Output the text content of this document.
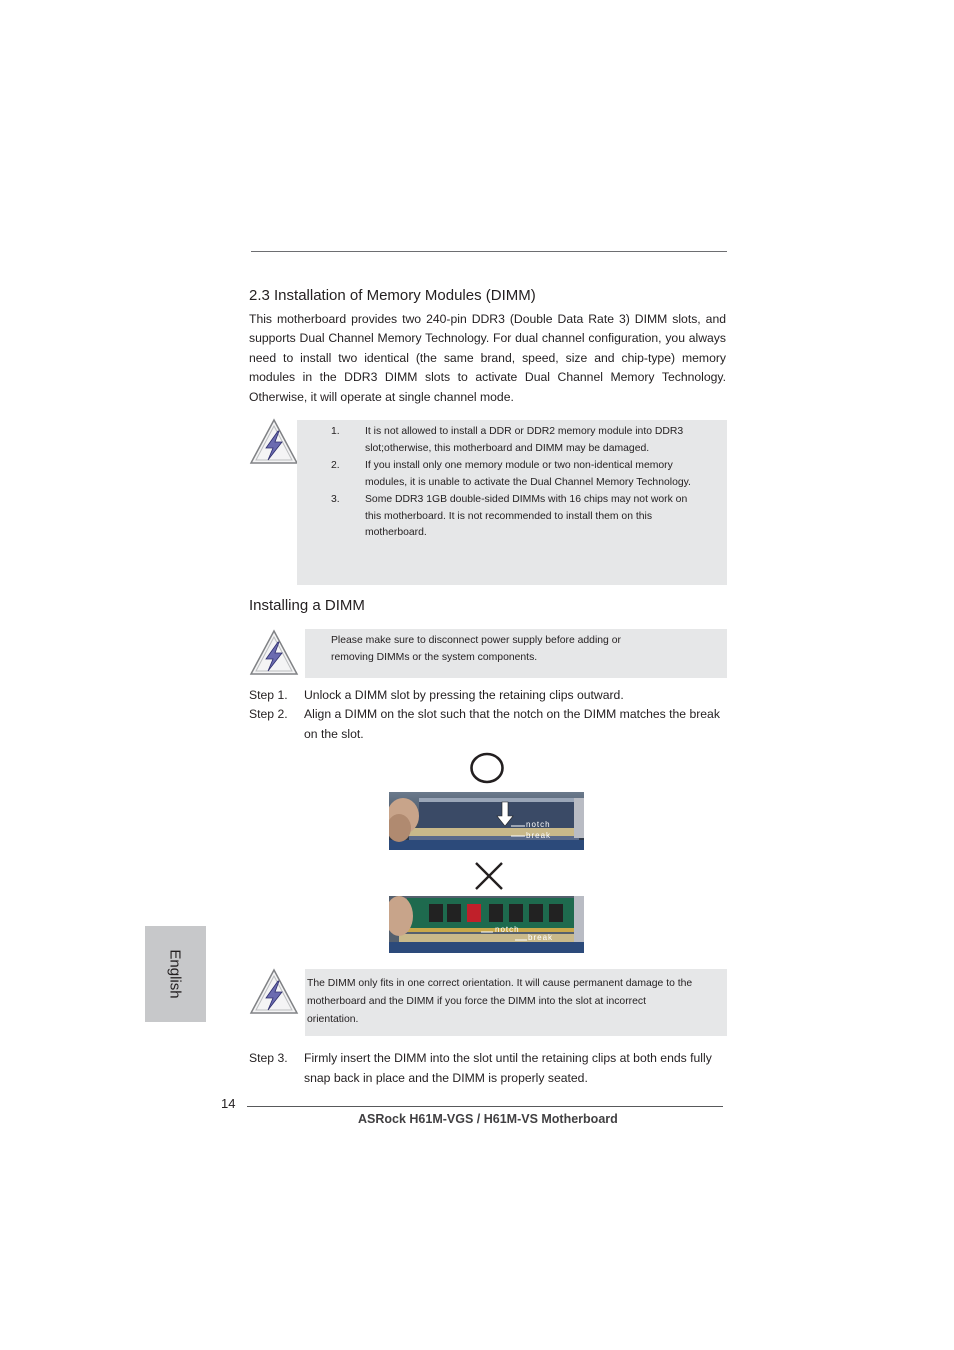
2.3 Installation of Memory Modules (DIMM)
This motherboard provides two 240-pin DDR3 (Double Data Rate 3) DIMM slots, and supports Dual Channel Memory Technology. For dual channel configuration, you always need to install two identical (the same brand, speed, size and chip-type) memory modules in the DDR3 DIMM slots to activate Dual Channel Memory Technology. Otherwise, it will operate at single channel mode.
1.	It is not allowed to install a DDR or DDR2 memory module into DDR3 slot;otherwise, this motherboard and DIMM may be damaged.
2.	If you install only one memory module or two non-identical memory modules, it is unable to activate the Dual Channel Memory Technology.
3.	Some DDR3 1GB double-sided DIMMs with 16 chips may not work on this motherboard. It is not recommended to install them on this motherboard.
Installing a DIMM
Please make sure to disconnect power supply before adding or removing DIMMs or the system components.
Step 1. Unlock a DIMM slot by pressing the retaining clips outward.
Step 2. Align a DIMM on the slot such that the notch on the DIMM matches the break on the slot.
notch
break
notch
break
The DIMM only fits in one correct orientation. It will cause permanent damage to the motherboard and the DIMM if you force the DIMM into the slot at incorrect orientation.
Step 3. Firmly insert the DIMM into the slot until the retaining clips at both ends fully snap back in place and the DIMM is properly seated.
English
14
ASRock H61M-VGS / H61M-VS Motherboard
